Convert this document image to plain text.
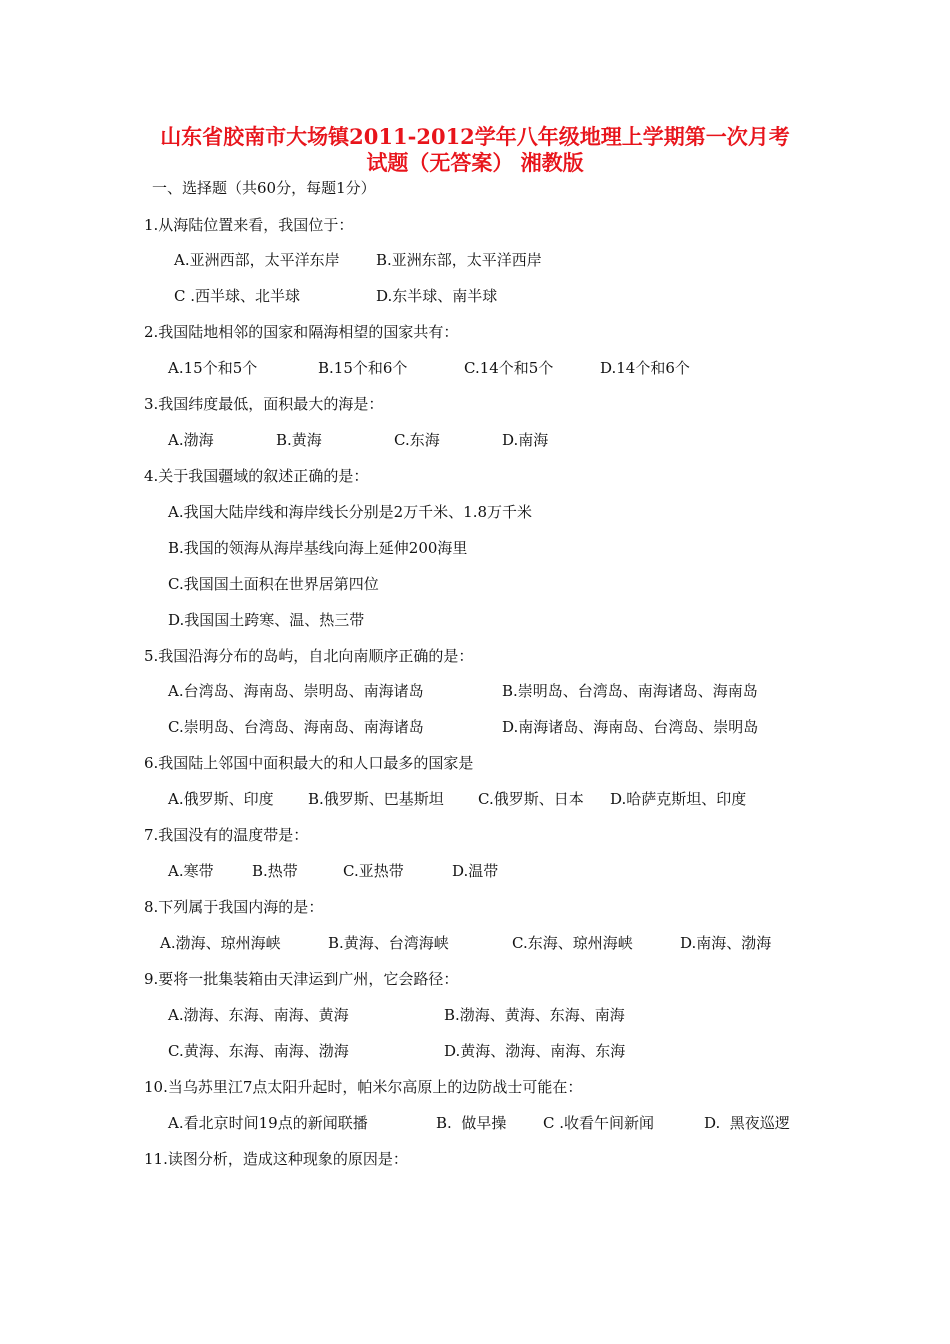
山东省胶南市大场镇2011-2012学年八年级地理上学期第一次月考
试题（无答案） 湘教版
一、选择题（共60分，每题1分）
1.从海陆位置来看，我国位于：
A.亚洲西部，太平洋东岸 B.亚洲东部，太平洋西岸
C .西半球、北半球	D.东半球、南半球
2.我国陆地相邻的国家和隔海相望的国家共有：
A.15个和5个	B.15个和6个	C.14个和5个	D.14个和6个
3.我国纬度最低，面积最大的海是：
A.渤海	B.黄海	C.东海	D.南海
4.关于我国疆域的叙述正确的是：
A.我国大陆岸线和海岸线长分别是2万千米、1.8万千米
B.我国的领海从海岸基线向海上延伸200海里
C.我国国土面积在世界居第四位
D.我国国土跨寒、温、热三带
5.我国沿海分布的岛屿，自北向南顺序正确的是：
A.台湾岛、海南岛、崇明岛、南海诸岛	B.崇明岛、台湾岛、南海诸岛、海南岛
C.崇明岛、台湾岛、海南岛、南海诸岛	D.南海诸岛、海南岛、台湾岛、崇明岛
6.我国陆上邻国中面积最大的和人口最多的国家是
A.俄罗斯、印度 B.俄罗斯、巴基斯坦 C.俄罗斯、日本 D.哈萨克斯坦、印度
7.我国没有的温度带是：
A.寒带	B.热带	C.亚热带	D.温带
8.下列属于我国内海的是：
A.渤海、琼州海峡	B.黄海、台湾海峡	C.东海、琼州海峡	D.南海、渤海
9.要将一批集装箱由天津运到广州，它会路径：
A.渤海、东海、南海、黄海	B.渤海、黄海、东海、南海
C.黄海、东海、南海、渤海	D.黄海、渤海、南海、东海
10.当乌苏里江7点太阳升起时，帕米尔高原上的边防战士可能在：
A.看北京时间19点的新闻联播	B.  做早操 C .收看午间新闻	D.  黑夜巡逻
11.读图分析，造成这种现象的原因是：
